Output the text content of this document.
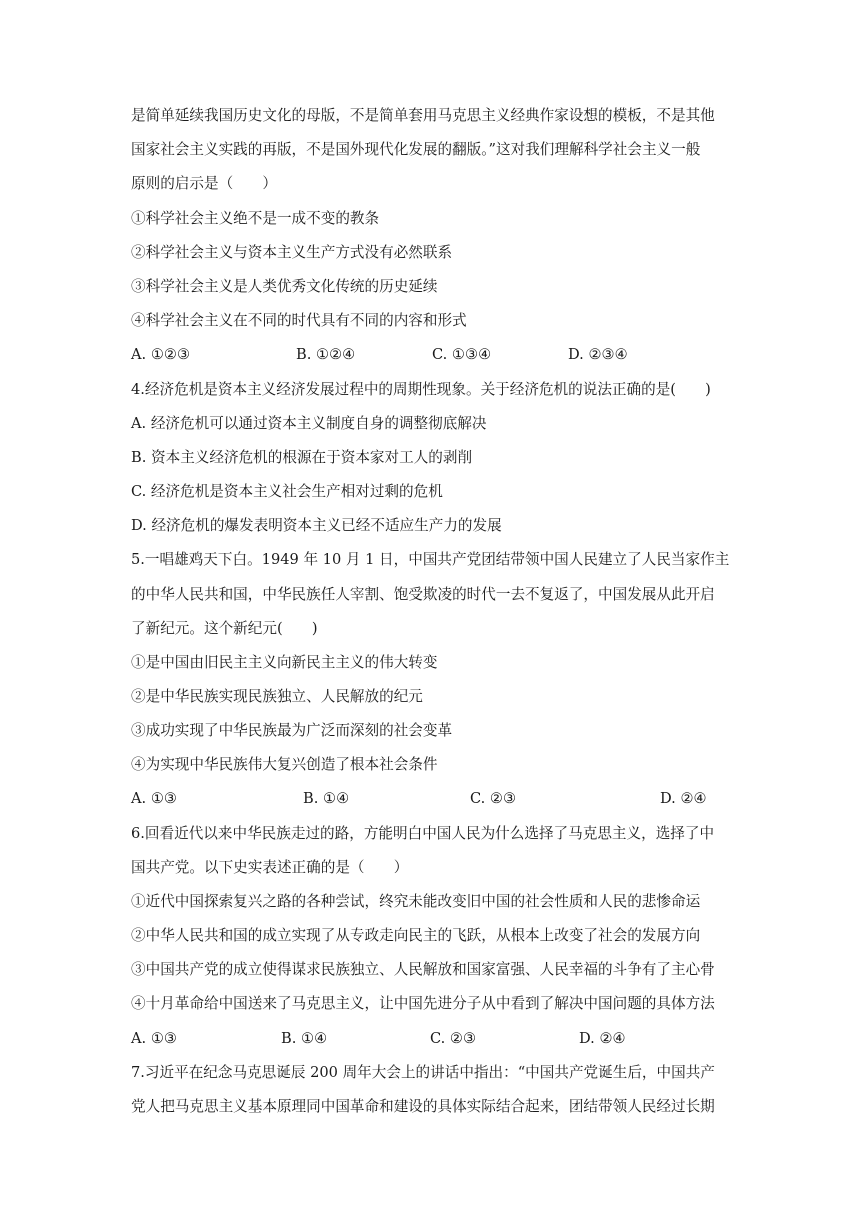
是简单延续我国历史文化的母版，不是简单套用马克思主义经典作家设想的模板，不是其他
国家社会主义实践的再版，不是国外现代化发展的翻版。”这对我们理解科学社会主义一般
原则的启示是（　　）
①科学社会主义绝不是一成不变的教条
②科学社会主义与资本主义生产方式没有必然联系
③科学社会主义是人类优秀文化传统的历史延续
④科学社会主义在不同的时代具有不同的内容和形式
A. ①②③	B. ①②④	C. ①③④	D. ②③④
4.经济危机是资本主义经济发展过程中的周期性现象。关于经济危机的说法正确的是(　　)
A. 经济危机可以通过资本主义制度自身的调整彻底解决
B. 资本主义经济危机的根源在于资本家对工人的剥削
C. 经济危机是资本主义社会生产相对过剩的危机
D. 经济危机的爆发表明资本主义已经不适应生产力的发展
5.一唱雄鸡天下白。1949 年 10 月 1 日，中国共产党团结带领中国人民建立了人民当家作主
的中华人民共和国，中华民族任人宰割、饱受欺凌的时代一去不复返了，中国发展从此开启
了新纪元。这个新纪元(　　)
①是中国由旧民主主义向新民主主义的伟大转变
②是中华民族实现民族独立、人民解放的纪元
③成功实现了中华民族最为广泛而深刻的社会变革
④为实现中华民族伟大复兴创造了根本社会条件
A. ①③	B. ①④	C. ②③	D. ②④
6.回看近代以来中华民族走过的路，方能明白中国人民为什么选择了马克思主义，选择了中
国共产党。以下史实表述正确的是（　　）
①近代中国探索复兴之路的各种尝试，终究未能改变旧中国的社会性质和人民的悲惨命运
②中华人民共和国的成立实现了从专政走向民主的飞跃，从根本上改变了社会的发展方向
③中国共产党的成立使得谋求民族独立、人民解放和国家富强、人民幸福的斗争有了主心骨
④十月革命给中国送来了马克思主义，让中国先进分子从中看到了解决中国问题的具体方法
A. ①③	B. ①④	C. ②③	D. ②④
7.习近平在纪念马克思诞辰 200 周年大会上的讲话中指出：“中国共产党诞生后，中国共产
党人把马克思主义基本原理同中国革命和建设的具体实际结合起来，团结带领人民经过长期
